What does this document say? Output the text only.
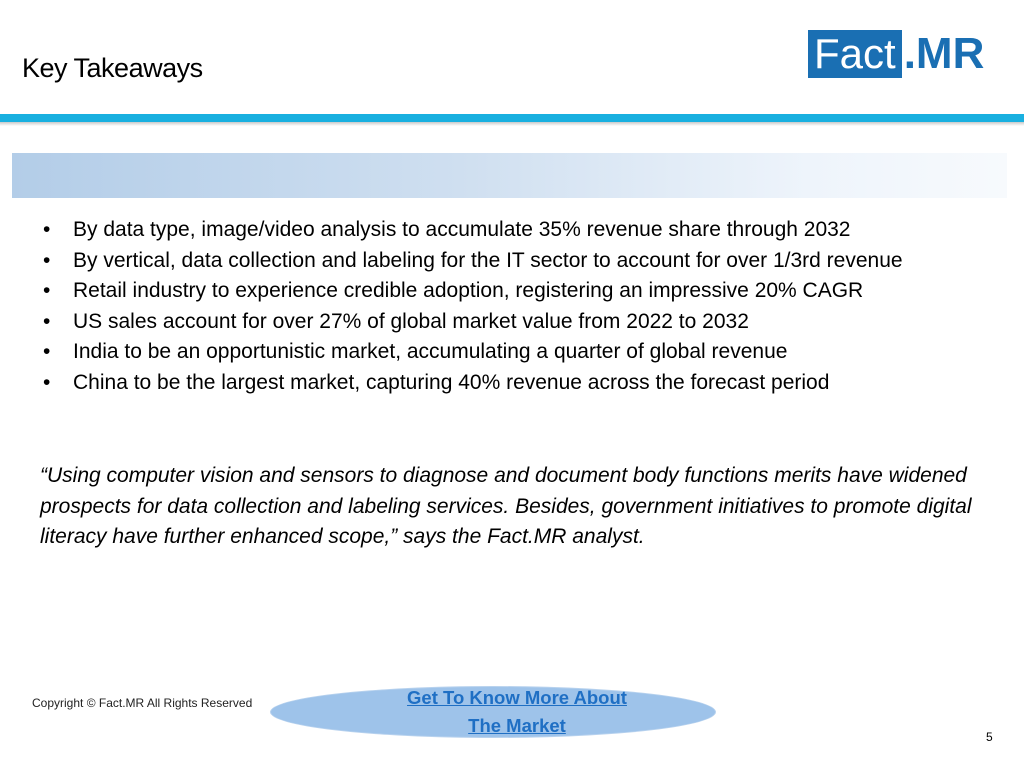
Key Takeaways	Fact .MR
• By data type, image/video analysis to accumulate 35% revenue share through 2032
• By vertical, data collection and labeling for the IT sector to account for over 1/3rd revenue
• Retail industry to experience credible adoption, registering an impressive 20% CAGR
• US sales account for over 27% of global market value from 2022 to 2032
• India to be an opportunistic market, accumulating a quarter of global revenue
• China to be the largest market, capturing 40% revenue across the forecast period
“Using computer vision and sensors to diagnose and document body functions merits have widened prospects for data collection and labeling services. Besides, government initiatives to promote digital literacy have further enhanced scope,” says the Fact.MR analyst.
Copyright © Fact.MR All Rights Reserved	Get To Know More About
The Market
5
